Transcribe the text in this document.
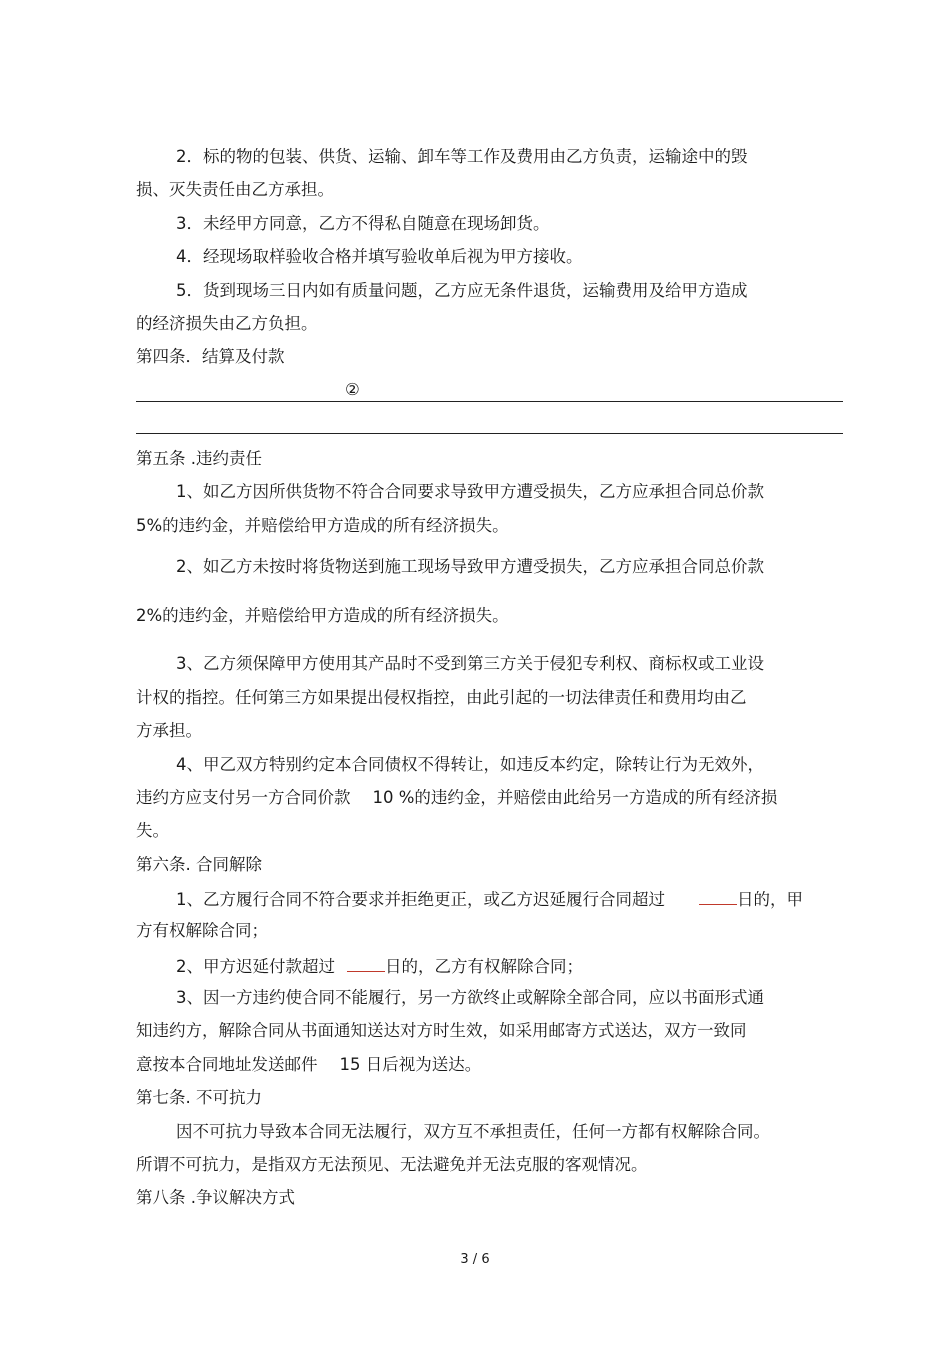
2．标的物的包装、供货、运输、卸车等工作及费用由乙方负责，运输途中的毁
损、灭失责任由乙方承担。
3．未经甲方同意，乙方不得私自随意在现场卸货。
4．经现场取样验收合格并填写验收单后视为甲方接收。
5．货到现场三日内如有质量问题，乙方应无条件退货，运输费用及给甲方造成
的经济损失由乙方负担。
第四条．结算及付款
②
第五条 .违约责任
1、如乙方因所供货物不符合合同要求导致甲方遭受损失，乙方应承担合同总价款
5%的违约金，并赔偿给甲方造成的所有经济损失。
2、如乙方未按时将货物送到施工现场导致甲方遭受损失，乙方应承担合同总价款
2%的违约金，并赔偿给甲方造成的所有经济损失。
3、乙方须保障甲方使用其产品时不受到第三方关于侵犯专利权、商标权或工业设
计权的指控。任何第三方如果提出侵权指控，由此引起的一切法律责任和费用均由乙
方承担。
4、甲乙双方特别约定本合同债权不得转让，如违反本约定，除转让行为无效外，
违约方应支付另一方合同价款 10 %的违约金，并赔偿由此给另一方造成的所有经济损
失。
第六条. 合同解除
1、乙方履行合同不符合要求并拒绝更正，或乙方迟延履行合同超过	日的，甲
方有权解除合同；
2、甲方迟延付款超过	日的，乙方有权解除合同；
3、因一方违约使合同不能履行，另一方欲终止或解除全部合同，应以书面形式通
知违约方，解除合同从书面通知送达对方时生效，如采用邮寄方式送达，双方一致同
意按本合同地址发送邮件 15 日后视为送达。
第七条. 不可抗力
因不可抗力导致本合同无法履行，双方互不承担责任，任何一方都有权解除合同。
所谓不可抗力，是指双方无法预见、无法避免并无法克服的客观情况。
第八条 .争议解决方式
3 / 6
